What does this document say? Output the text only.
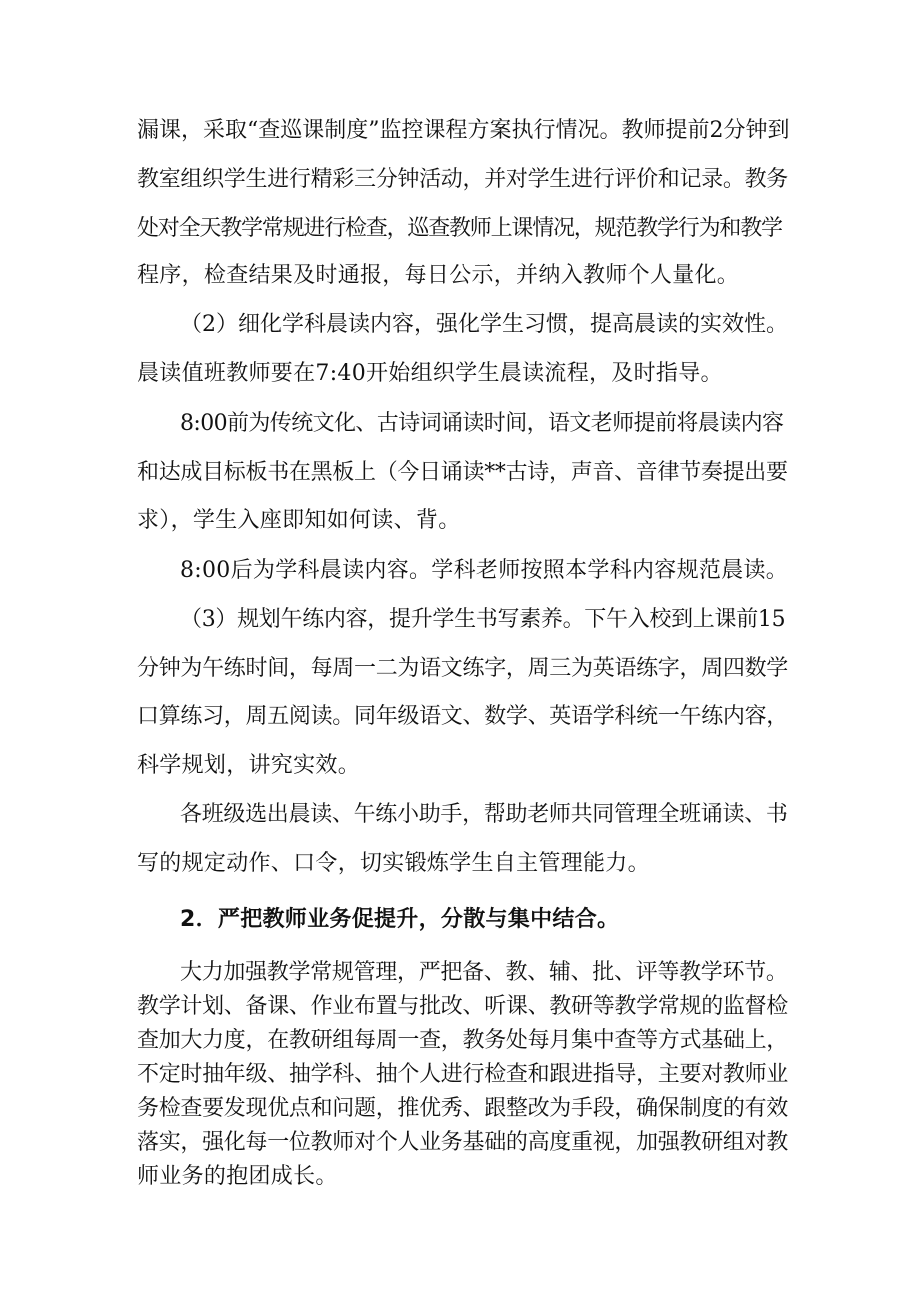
漏课，采取“查巡课制度”监控课程方案执行情况。教师提前2分钟到

教室组织学生进行精彩三分钟活动，并对学生进行评价和记录。教务

处对全天教学常规进行检查，巡查教师上课情况，规范教学行为和教学

程序，检查结果及时通报，每日公示，并纳入教师个人量化。

（2）细化学科晨读内容，强化学生习惯，提高晨读的实效性。

晨读值班教师要在7:40开始组织学生晨读流程，及时指导。

8:00前为传统文化、古诗词诵读时间，语文老师提前将晨读内容

和达成目标板书在黑板上（今日诵读**古诗，声音、音律节奏提出要

求），学生入座即知如何读、背。

8:00后为学科晨读内容。学科老师按照本学科内容规范晨读。

（3）规划午练内容，提升学生书写素养。下午入校到上课前15

分钟为午练时间，每周一二为语文练字，周三为英语练字，周四数学

口算练习，周五阅读。同年级语文、数学、英语学科统一午练内容，

科学规划，讲究实效。

各班级选出晨读、午练小助手，帮助老师共同管理全班诵读、书

写的规定动作、口令，切实锻炼学生自主管理能力。

2．严把教师业务促提升，分散与集中结合。

大力加强教学常规管理，严把备、教、辅、批、评等教学环节。

教学计划、备课、作业布置与批改、听课、教研等教学常规的监督检

查加大力度，在教研组每周一查，教务处每月集中查等方式基础上，

不定时抽年级、抽学科、抽个人进行检查和跟进指导，主要对教师业

务检查要发现优点和问题，推优秀、跟整改为手段，确保制度的有效

落实，强化每一位教师对个人业务基础的高度重视，加强教研组对教

师业务的抱团成长。
